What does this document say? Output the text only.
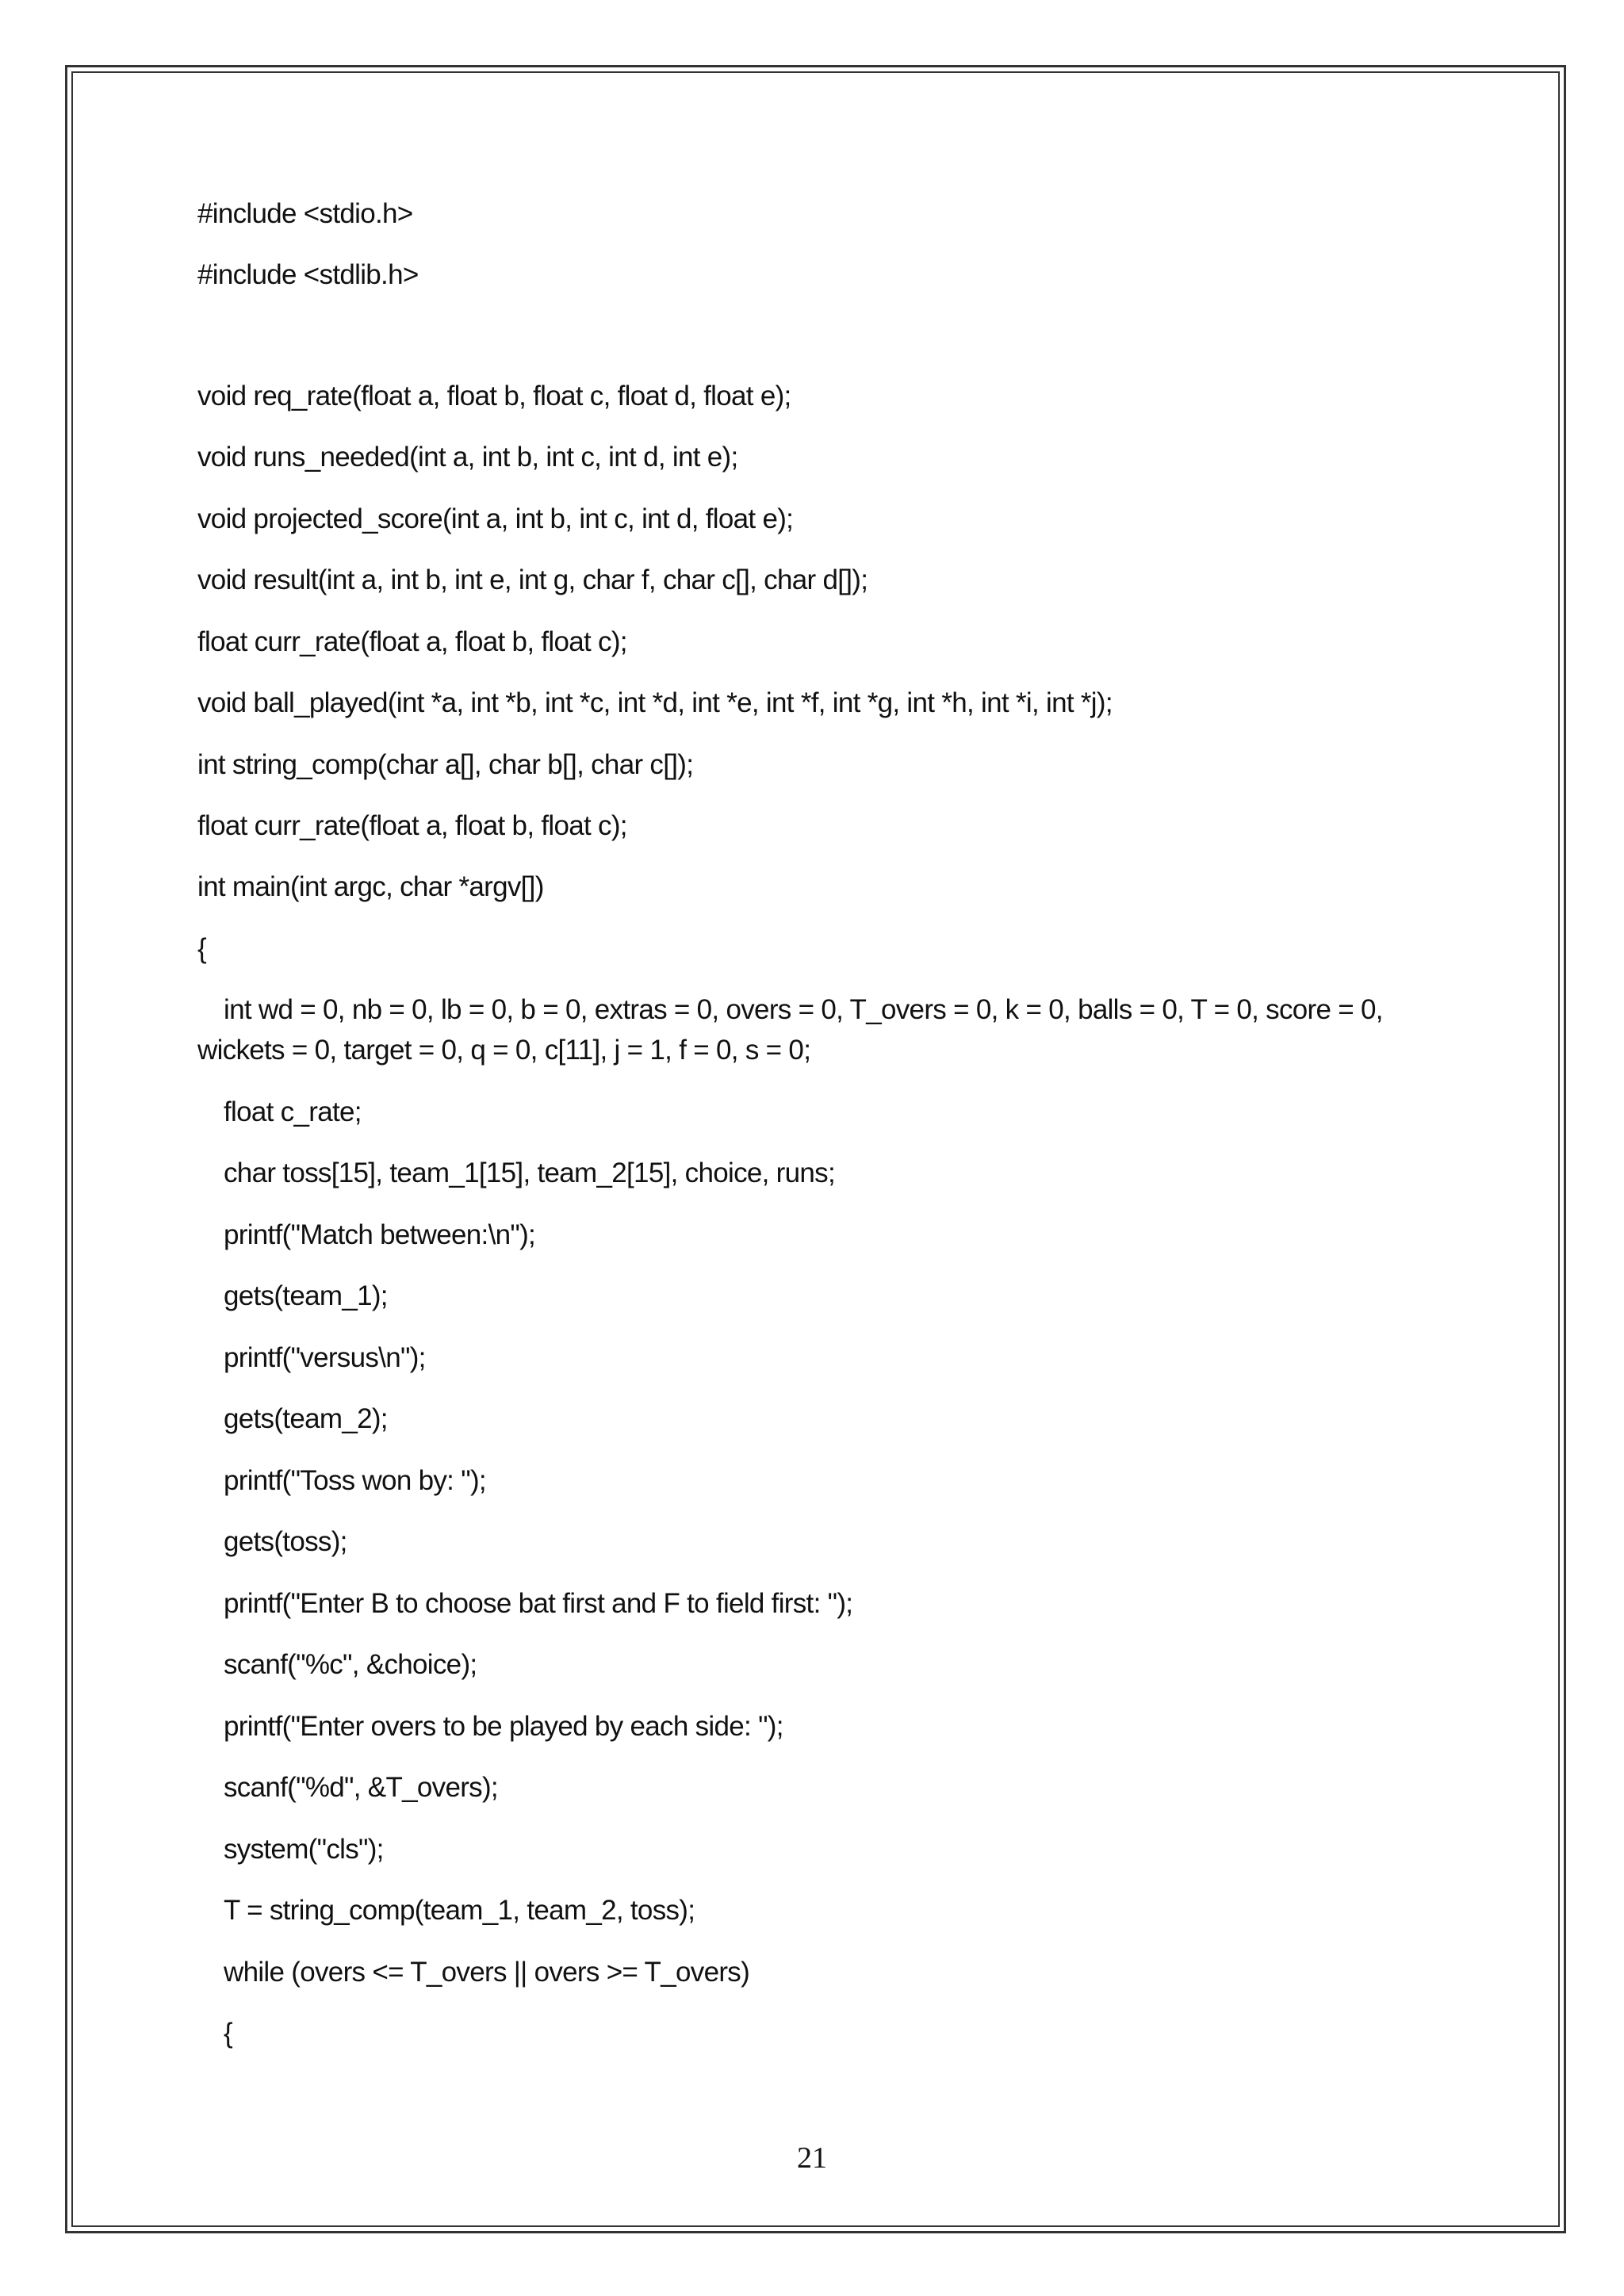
#include <stdio.h>
#include <stdlib.h>
void req_rate(float a, float b, float c, float d, float e);
void runs_needed(int a, int b, int c, int d, int e);
void projected_score(int a, int b, int c, int d, float e);
void result(int a, int b, int e, int g, char f, char c[], char d[]);
float curr_rate(float a, float b, float c);
void ball_played(int *a, int *b, int *c, int *d, int *e, int *f, int *g, int *h, int *i, int *j);
int string_comp(char a[], char b[], char c[]);
float curr_rate(float a, float b, float c);
int main(int argc, char *argv[])
{
int wd = 0, nb = 0, lb = 0, b = 0, extras = 0, overs = 0, T_overs = 0, k = 0, balls = 0, T = 0, score = 0,
wickets = 0, target = 0, q = 0, c[11], j = 1, f = 0, s = 0;
float c_rate;
char toss[15], team_1[15], team_2[15], choice, runs;
printf("Match between:\n");
gets(team_1);
printf("versus\n");
gets(team_2);
printf("Toss won by: ");
gets(toss);
printf("Enter B to choose bat first and F to field first: ");
scanf("%c", &choice);
printf("Enter overs to be played by each side: ");
scanf("%d", &T_overs);
system("cls");
T = string_comp(team_1, team_2, toss);
while (overs <= T_overs || overs >= T_overs)
{
21
